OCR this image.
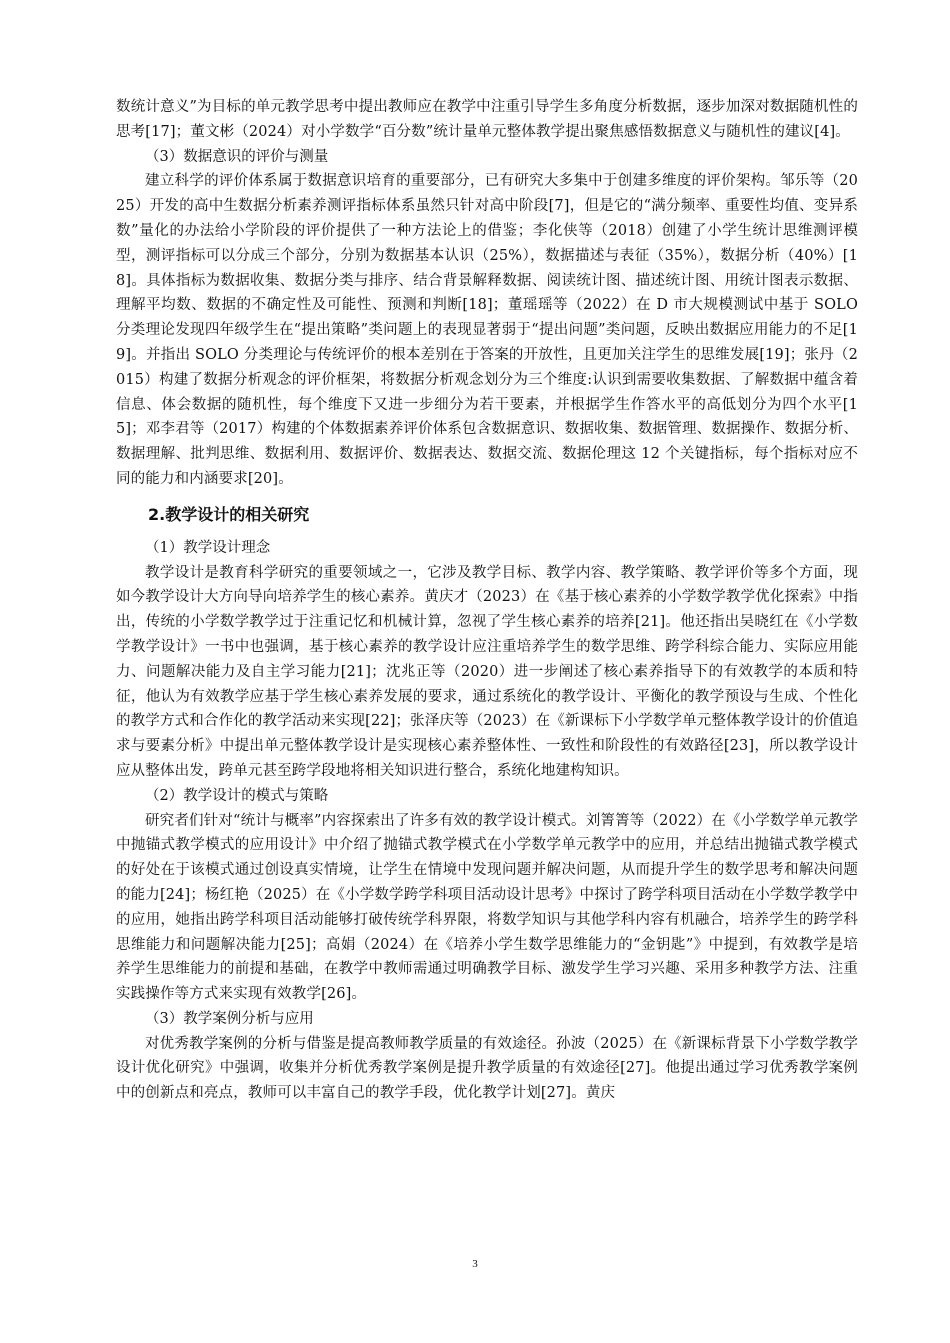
数统计意义”为目标的单元教学思考中提出教师应在教学中注重引导学生多角度分析数据，逐步加深对数据随机性的思考[17]；董文彬（2024）对小学数学“百分数”统计量单元整体教学提出聚焦感悟数据意义与随机性的建议[4]。

（3）数据意识的评价与测量

建立科学的评价体系属于数据意识培育的重要部分，已有研究大多集中于创建多维度的评价架构。邹乐等（2025）开发的高中生数据分析素养测评指标体系虽然只针对高中阶段[7]，但是它的“满分频率、重要性均值、变异系数”量化的办法给小学阶段的评价提供了一种方法论上的借鉴；李化侠等（2018）创建了小学生统计思维测评模型，测评指标可以分成三个部分，分别为数据基本认识（25%），数据描述与表征（35%），数据分析（40%）[18]。具体指标为数据收集、数据分类与排序、结合背景解释数据、阅读统计图、描述统计图、用统计图表示数据、理解平均数、数据的不确定性及可能性、预测和判断[18]；董瑶瑶等（2022）在 D 市大规模测试中基于 SOLO 分类理论发现四年级学生在“提出策略”类问题上的表现显著弱于“提出问题”类问题，反映出数据应用能力的不足[19]。并指出 SOLO 分类理论与传统评价的根本差别在于答案的开放性，且更加关注学生的思维发展[19]；张丹（2015）构建了数据分析观念的评价框架，将数据分析观念划分为三个维度:认识到需要收集数据、了解数据中蕴含着信息、体会数据的随机性，每个维度下又进一步细分为若干要素，并根据学生作答水平的高低划分为四个水平[15]；邓李君等（2017）构建的个体数据素养评价体系包含数据意识、数据收集、数据管理、数据操作、数据分析、数据理解、批判思维、数据利用、数据评价、数据表达、数据交流、数据伦理这 12 个关键指标，每个指标对应不同的能力和内涵要求[20]。

2.教学设计的相关研究

（1）教学设计理念

教学设计是教育科学研究的重要领域之一，它涉及教学目标、教学内容、教学策略、教学评价等多个方面，现如今教学设计大方向导向培养学生的核心素养。黄庆才（2023）在《基于核心素养的小学数学教学优化探索》中指出，传统的小学数学教学过于注重记忆和机械计算，忽视了学生核心素养的培养[21]。他还指出吴晓红在《小学数学教学设计》一书中也强调，基于核心素养的教学设计应注重培养学生的数学思维、跨学科综合能力、实际应用能力、问题解决能力及自主学习能力[21]；沈兆正等（2020）进一步阐述了核心素养指导下的有效教学的本质和特征，他认为有效教学应基于学生核心素养发展的要求，通过系统化的教学设计、平衡化的教学预设与生成、个性化的教学方式和合作化的教学活动来实现[22]；张泽庆等（2023）在《新课标下小学数学单元整体教学设计的价值追求与要素分析》中提出单元整体教学设计是实现核心素养整体性、一致性和阶段性的有效路径[23]，所以教学设计应从整体出发，跨单元甚至跨学段地将相关知识进行整合，系统化地建构知识。

（2）教学设计的模式与策略

研究者们针对“统计与概率”内容探索出了许多有效的教学设计模式。刘箐箐等（2022）在《小学数学单元教学中抛锚式教学模式的应用设计》中介绍了抛锚式教学模式在小学数学单元教学中的应用，并总结出抛锚式教学模式的好处在于该模式通过创设真实情境，让学生在情境中发现问题并解决问题，从而提升学生的数学思考和解决问题的能力[24]；杨红艳（2025）在《小学数学跨学科项目活动设计思考》中探讨了跨学科项目活动在小学数学教学中的应用，她指出跨学科项目活动能够打破传统学科界限，将数学知识与其他学科内容有机融合，培养学生的跨学科思维能力和问题解决能力[25]；高娟（2024）在《培养小学生数学思维能力的“金钥匙”》中提到，有效教学是培养学生思维能力的前提和基础，在教学中教师需通过明确教学目标、激发学生学习兴趣、采用多种教学方法、注重实践操作等方式来实现有效教学[26]。

（3）教学案例分析与应用

对优秀教学案例的分析与借鉴是提高教师教学质量的有效途径。孙波（2025）在《新课标背景下小学数学教学设计优化研究》中强调，收集并分析优秀教学案例是提升教学质量的有效途径[27]。他提出通过学习优秀教学案例中的创新点和亮点，教师可以丰富自己的教学手段，优化教学计划[27]。黄庆

3
